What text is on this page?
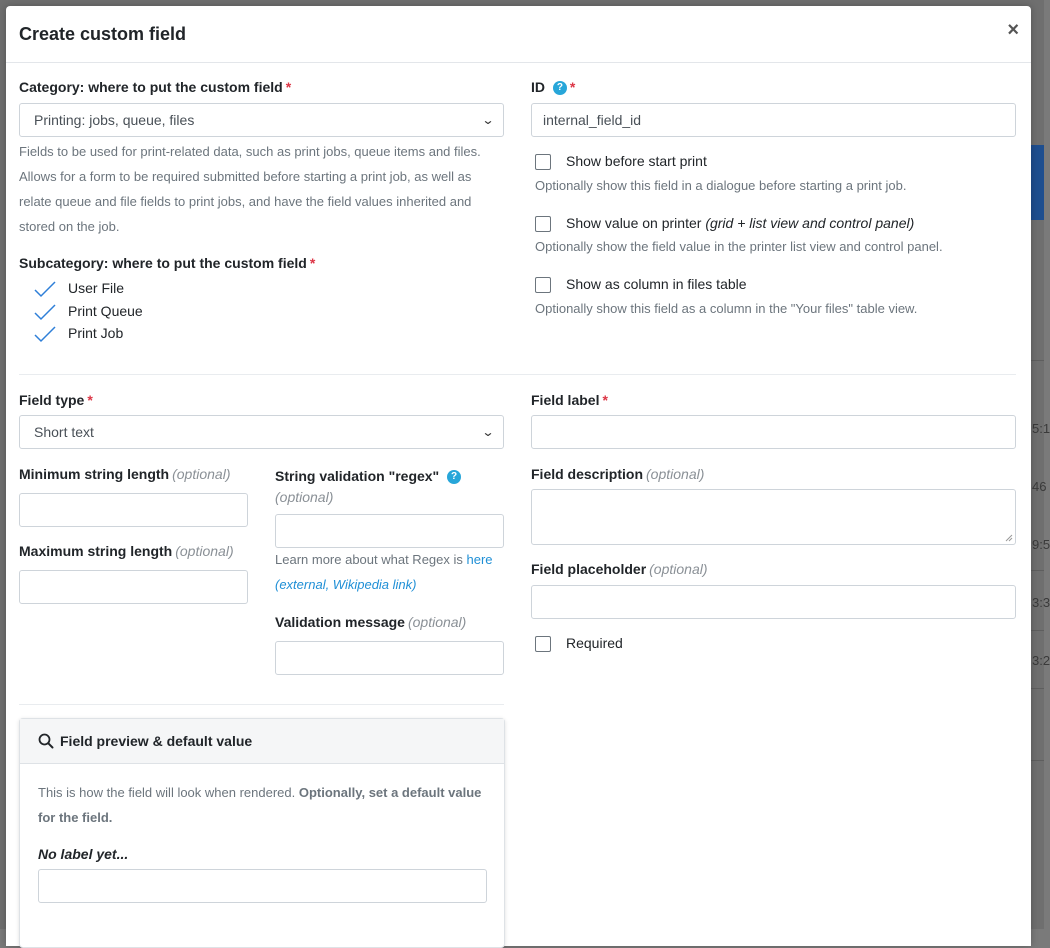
5:1
46
9:5
3:3
3:2
Create custom field	×
Category: where to put the custom field *
Printing: jobs, queue, files	⌄
Fields to be used for print-related data, such as print jobs, queue items and files. Allows for a form to be required submitted before starting a print job, as well as relate queue and file fields to print jobs, and have the field values inherited and stored on the job.
Subcategory: where to put the custom field *
User File
Print Queue
Print Job
ID ? *
internal_field_id
Show before start print
Optionally show this field in a dialogue before starting a print job.
Show value on printer (grid + list view and control panel)
Optionally show the field value in the printer list view and control panel.
Show as column in files table
Optionally show this field as a column in the "Your files" table view.
Field type *
Short text	⌄
Minimum string length (optional)
Maximum string length (optional)
String validation "regex" ?
(optional)
Learn more about what Regex is here
(external, Wikipedia link)
Validation message (optional)
Field label *
Field description (optional)
Field placeholder (optional)
Required
Field preview & default value
This is how the field will look when rendered. Optionally, set a default value for the field.
No label yet...
